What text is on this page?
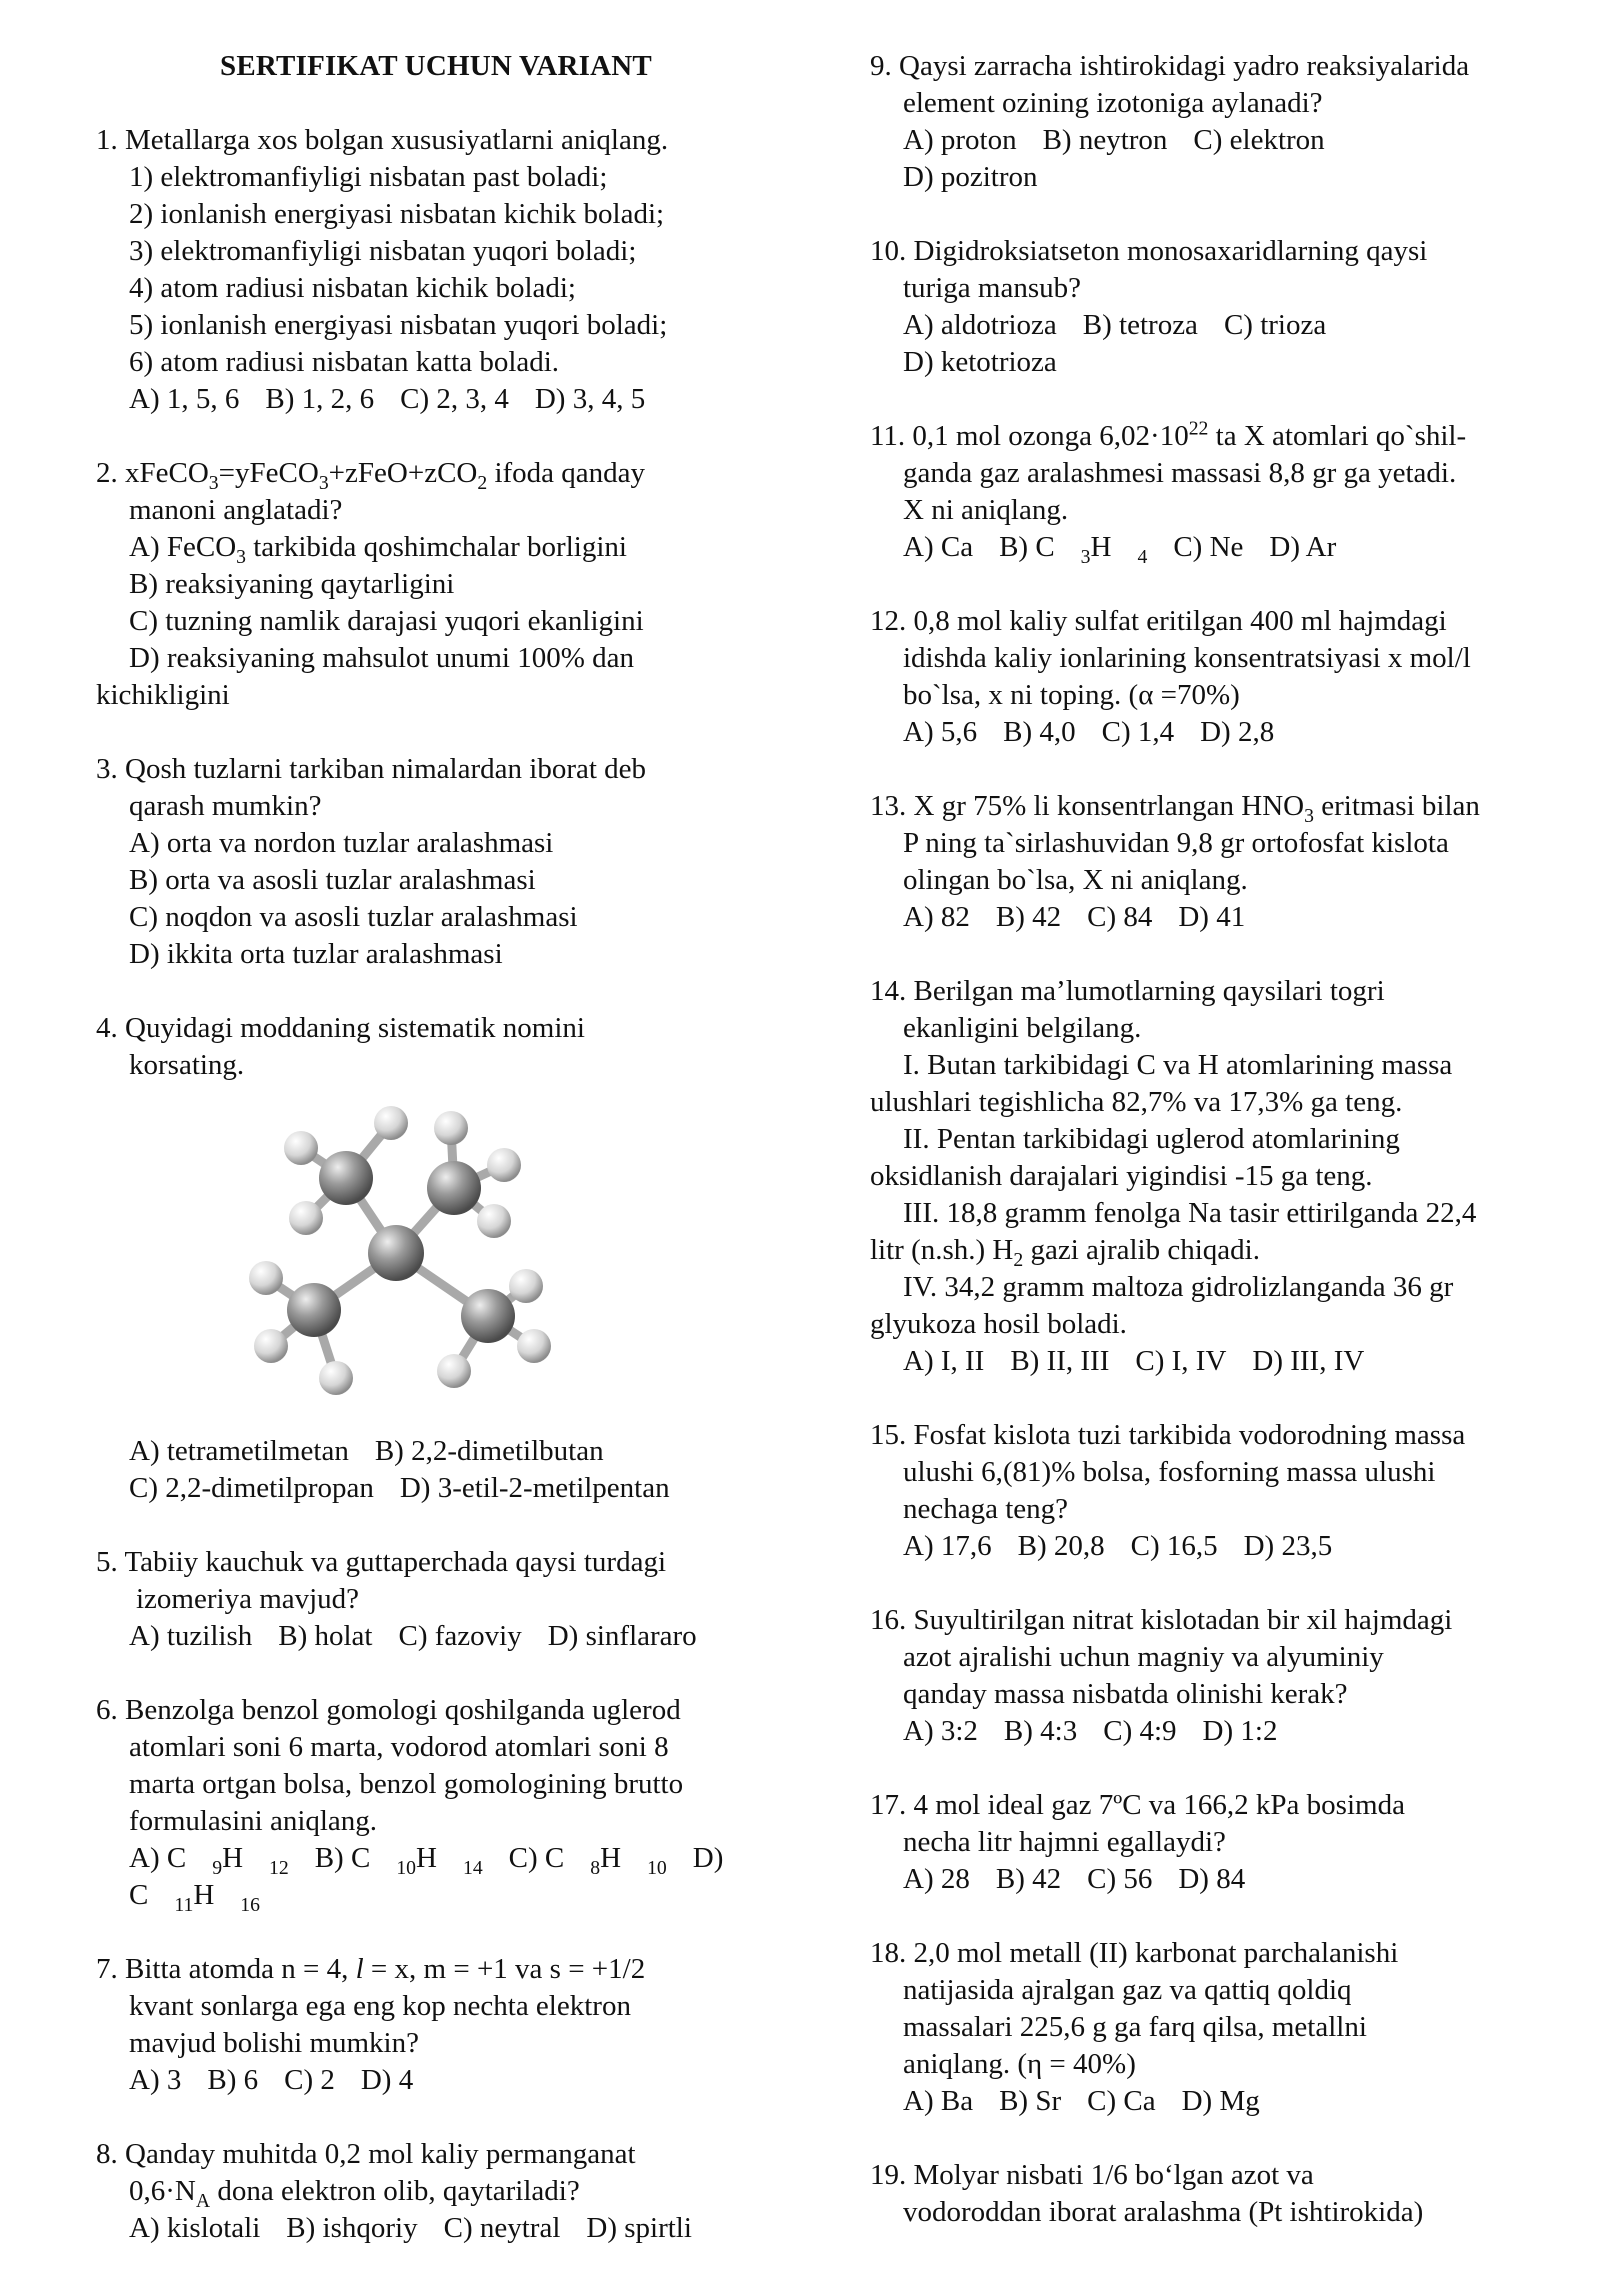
SERTIFIKAT UCHUN VARIANT
1. Metallarga xos bolgan xususiyatlarni aniqlang.
1) elektromanfiyligi nisbatan past boladi;
2) ionlanish energiyasi nisbatan kichik boladi;
3) elektromanfiyligi nisbatan yuqori boladi;
4) atom radiusi nisbatan kichik boladi;
5) ionlanish energiyasi nisbatan yuqori boladi;
6) atom radiusi nisbatan katta boladi.
A) 1, 5, 6 B) 1, 2, 6 C) 2, 3, 4 D) 3, 4, 5
2. xFeCO$_3$=yFeCO$_3$+zFeO+zCO$_2$ ifoda qanday
manoni anglatadi?
A) FeCO$_3$ tarkibida qoshimchalar borligini
B) reaksiyaning qaytarligini
C) tuzning namlik darajasi yuqori ekanligini
D) reaksiyaning mahsulot unumi 100% dan
kichikligini
3. Qosh tuzlarni tarkiban nimalardan iborat deb
qarash mumkin?
A) orta va nordon tuzlar aralashmasi
B) orta va asosli tuzlar aralashmasi
C) noqdon va asosli tuzlar aralashmasi
D) ikkita orta tuzlar aralashmasi
4. Quyidagi moddaning sistematik nomini
korsating.
A) tetrametilmetan B) 2,2-dimetilbutan
C) 2,2-dimetilpropan D) 3-etil-2-metilpentan
5. Tabiiy kauchuk va guttaperchada qaysi turdagi
izomeriya mavjud?
A) tuzilish B) holat C) fazoviy D) sinflararo
6. Benzolga benzol gomologi qoshilganda uglerod
atomlari soni 6 marta, vodorod atomlari soni 8
marta ortgan bolsa, benzol gomologining brutto
formulasini aniqlang.
A) C $_9$H $_{12}$ B) C $_{10}$H $_{14}$ C) C $_8$H $_{10}$ D) C $_{11}$H $_{16}$
7. Bitta atomda n = 4, l = x, m = +1 va s = +1/2
kvant sonlarga ega eng kop nechta elektron
mavjud bolishi mumkin?
A) 3 B) 6 C) 2 D) 4
8. Qanday muhitda 0,2 mol kaliy permanganat
$0,6\cdot N_A$ dona elektron olib, qaytariladi?
A) kislotali B) ishqoriy C) neytral D) spirtli
9. Qaysi zarracha ishtirokidagi yadro reaksiyalarida
element ozining izotoniga aylanadi?
A) proton B) neytron C) elektron
D) pozitron
10. Digidroksiatseton monosaxaridlarning qaysi
turiga mansub?
A) aldotrioza B) tetroza C) trioza
D) ketotrioza
11. 0,1 mol ozonga $6,02\cdot 10^{22}$ ta X atomlari qo`shil-
ganda gaz aralashmesi massasi 8,8 gr ga yetadi.
X ni aniqlang.
A) Ca B) C $_3$H $_4$ C) Ne D) Ar
12. 0,8 mol kaliy sulfat eritilgan 400 ml hajmdagi
idishda kaliy ionlarining konsentratsiyasi x mol/l
bo`lsa, x ni toping. (α =70%)
A) 5,6 B) 4,0 C) 1,4 D) 2,8
13. X gr 75% li konsentrlangan $HNO_3$ eritmasi bilan
P ning ta`sirlashuvidan 9,8 gr ortofosfat kislota
olingan bo`lsa, X ni aniqlang.
A) 82 B) 42 C) 84 D) 41
14. Berilgan ma’lumotlarning qaysilari togri
ekanligini belgilang.
I. Butan tarkibidagi C va H atomlarining massa
ulushlari tegishlicha 82,7% va 17,3% ga teng.
II. Pentan tarkibidagi uglerod atomlarining
oksidlanish darajalari yigindisi -15 ga teng.
III. 18,8 gramm fenolga Na tasir ettirilganda 22,4
litr (n.sh.) $H_2$ gazi ajralib chiqadi.
IV. 34,2 gramm maltoza gidrolizlanganda 36 gr
glyukoza hosil boladi.
A) I, II B) II, III C) I, IV D) III, IV
15. Fosfat kislota tuzi tarkibida vodorodning massa
ulushi 6,(81)% bolsa, fosforning massa ulushi
nechaga teng?
A) 17,6 B) 20,8 C) 16,5 D) 23,5
16. Suyultirilgan nitrat kislotadan bir xil hajmdagi
azot ajralishi uchun magniy va alyuminiy
qanday massa nisbatda olinishi kerak?
A) 3:2 B) 4:3 C) 4:9 D) 1:2
17. 4 mol ideal gaz 7ºC va 166,2 kPa bosimda
necha litr hajmni egallaydi?
A) 28 B) 42 C) 56 D) 84
18. 2,0 mol metall (II) karbonat parchalanishi
natijasida ajralgan gaz va qattiq qoldiq
massalari 225,6 g ga farq qilsa, metallni
aniqlang. (η = 40%)
A) Ba B) Sr C) Ca D) Mg
19. Molyar nisbati 1/6 bo‘lgan azot va
vodoroddan iborat aralashma (Pt ishtirokida)
